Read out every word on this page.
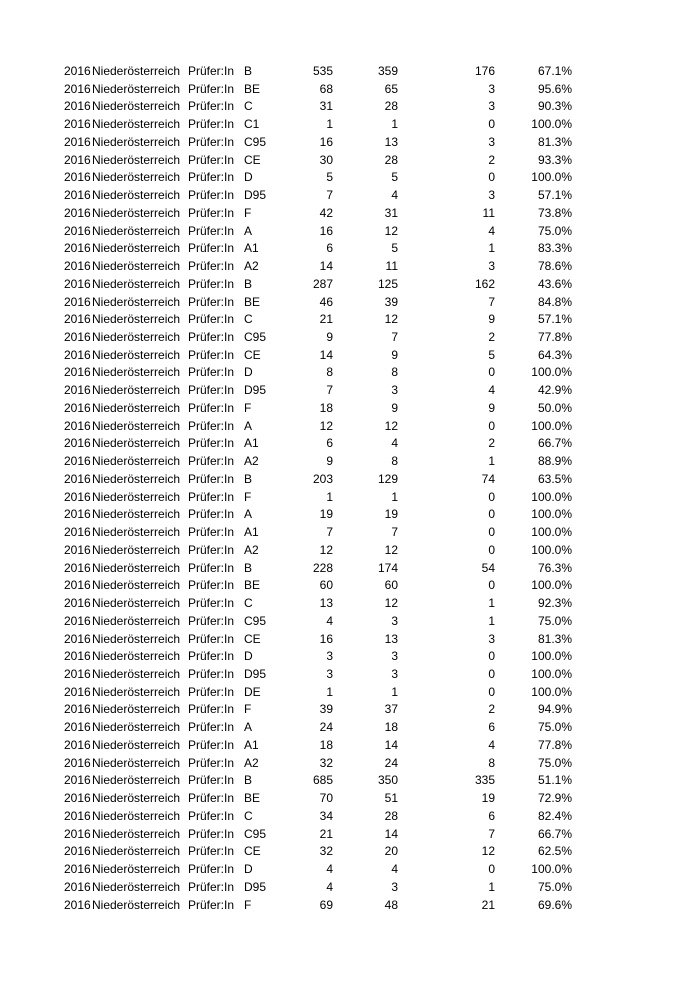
	2016	Niederösterreich	Prüfer:In	B	535	359	176	67.1%
	2016	Niederösterreich	Prüfer:In	BE	68	65	3	95.6%
	2016	Niederösterreich	Prüfer:In	C	31	28	3	90.3%
	2016	Niederösterreich	Prüfer:In	C1	1	1	0	100.0%
	2016	Niederösterreich	Prüfer:In	C95	16	13	3	81.3%
	2016	Niederösterreich	Prüfer:In	CE	30	28	2	93.3%
	2016	Niederösterreich	Prüfer:In	D	5	5	0	100.0%
	2016	Niederösterreich	Prüfer:In	D95	7	4	3	57.1%
	2016	Niederösterreich	Prüfer:In	F	42	31	11	73.8%
	2016	Niederösterreich	Prüfer:In	A	16	12	4	75.0%
	2016	Niederösterreich	Prüfer:In	A1	6	5	1	83.3%
	2016	Niederösterreich	Prüfer:In	A2	14	11	3	78.6%
	2016	Niederösterreich	Prüfer:In	B	287	125	162	43.6%
	2016	Niederösterreich	Prüfer:In	BE	46	39	7	84.8%
	2016	Niederösterreich	Prüfer:In	C	21	12	9	57.1%
	2016	Niederösterreich	Prüfer:In	C95	9	7	2	77.8%
	2016	Niederösterreich	Prüfer:In	CE	14	9	5	64.3%
	2016	Niederösterreich	Prüfer:In	D	8	8	0	100.0%
	2016	Niederösterreich	Prüfer:In	D95	7	3	4	42.9%
	2016	Niederösterreich	Prüfer:In	F	18	9	9	50.0%
	2016	Niederösterreich	Prüfer:In	A	12	12	0	100.0%
	2016	Niederösterreich	Prüfer:In	A1	6	4	2	66.7%
	2016	Niederösterreich	Prüfer:In	A2	9	8	1	88.9%
	2016	Niederösterreich	Prüfer:In	B	203	129	74	63.5%
	2016	Niederösterreich	Prüfer:In	F	1	1	0	100.0%
	2016	Niederösterreich	Prüfer:In	A	19	19	0	100.0%
	2016	Niederösterreich	Prüfer:In	A1	7	7	0	100.0%
	2016	Niederösterreich	Prüfer:In	A2	12	12	0	100.0%
	2016	Niederösterreich	Prüfer:In	B	228	174	54	76.3%
	2016	Niederösterreich	Prüfer:In	BE	60	60	0	100.0%
	2016	Niederösterreich	Prüfer:In	C	13	12	1	92.3%
	2016	Niederösterreich	Prüfer:In	C95	4	3	1	75.0%
	2016	Niederösterreich	Prüfer:In	CE	16	13	3	81.3%
	2016	Niederösterreich	Prüfer:In	D	3	3	0	100.0%
	2016	Niederösterreich	Prüfer:In	D95	3	3	0	100.0%
	2016	Niederösterreich	Prüfer:In	DE	1	1	0	100.0%
	2016	Niederösterreich	Prüfer:In	F	39	37	2	94.9%
	2016	Niederösterreich	Prüfer:In	A	24	18	6	75.0%
	2016	Niederösterreich	Prüfer:In	A1	18	14	4	77.8%
	2016	Niederösterreich	Prüfer:In	A2	32	24	8	75.0%
	2016	Niederösterreich	Prüfer:In	B	685	350	335	51.1%
	2016	Niederösterreich	Prüfer:In	BE	70	51	19	72.9%
	2016	Niederösterreich	Prüfer:In	C	34	28	6	82.4%
	2016	Niederösterreich	Prüfer:In	C95	21	14	7	66.7%
	2016	Niederösterreich	Prüfer:In	CE	32	20	12	62.5%
	2016	Niederösterreich	Prüfer:In	D	4	4	0	100.0%
	2016	Niederösterreich	Prüfer:In	D95	4	3	1	75.0%
	2016	Niederösterreich	Prüfer:In	F	69	48	21	69.6%
